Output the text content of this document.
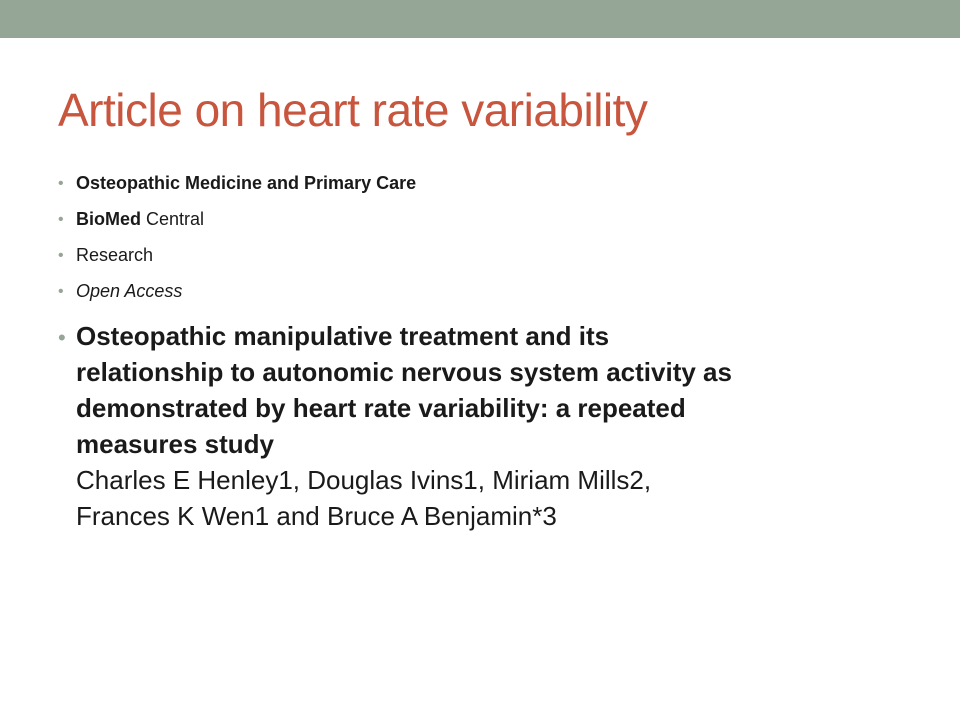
Article on heart rate variability
• Osteopathic Medicine and Primary Care
• BioMed Central
• Research
• Open Access
• Osteopathic manipulative treatment and its
relationship to autonomic nervous system activity as
demonstrated by heart rate variability: a repeated
measures study
Charles E Henley1, Douglas Ivins1, Miriam Mills2,
Frances K Wen1 and Bruce A Benjamin*3
